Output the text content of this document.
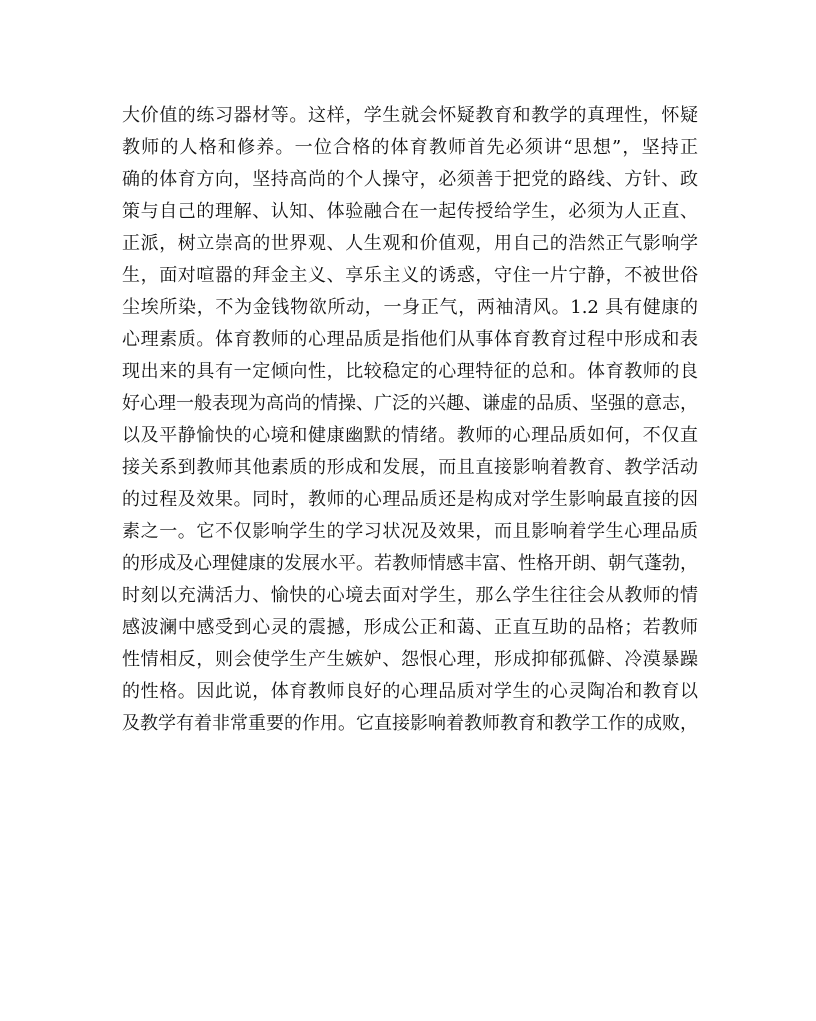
大价值的练习器材等。这样，学生就会怀疑教育和教学的真理性，怀疑
教师的人格和修养。一位合格的体育教师首先必须讲“思想”，坚持正
确的体育方向，坚持高尚的个人操守，必须善于把党的路线、方针、政
策与自己的理解、认知、体验融合在一起传授给学生，必须为人正直、
正派，树立崇高的世界观、人生观和价值观，用自己的浩然正气影响学
生，面对喧嚣的拜金主义、享乐主义的诱惑，守住一片宁静，不被世俗
尘埃所染，不为金钱物欲所动，一身正气，两袖清风。1.2 具有健康的
心理素质。体育教师的心理品质是指他们从事体育教育过程中形成和表
现出来的具有一定倾向性，比较稳定的心理特征的总和。体育教师的良
好心理一般表现为高尚的情操、广泛的兴趣、谦虚的品质、坚强的意志，
以及平静愉快的心境和健康幽默的情绪。教师的心理品质如何，不仅直
接关系到教师其他素质的形成和发展，而且直接影响着教育、教学活动
的过程及效果。同时，教师的心理品质还是构成对学生影响最直接的因
素之一。它不仅影响学生的学习状况及效果，而且影响着学生心理品质
的形成及心理健康的发展水平。若教师情感丰富、性格开朗、朝气蓬勃，
时刻以充满活力、愉快的心境去面对学生，那么学生往往会从教师的情
感波澜中感受到心灵的震撼，形成公正和蔼、正直互助的品格；若教师
性情相反，则会使学生产生嫉妒、怨恨心理，形成抑郁孤僻、冷漠暴躁
的性格。因此说，体育教师良好的心理品质对学生的心灵陶冶和教育以
及教学有着非常重要的作用。它直接影响着教师教育和教学工作的成败，
